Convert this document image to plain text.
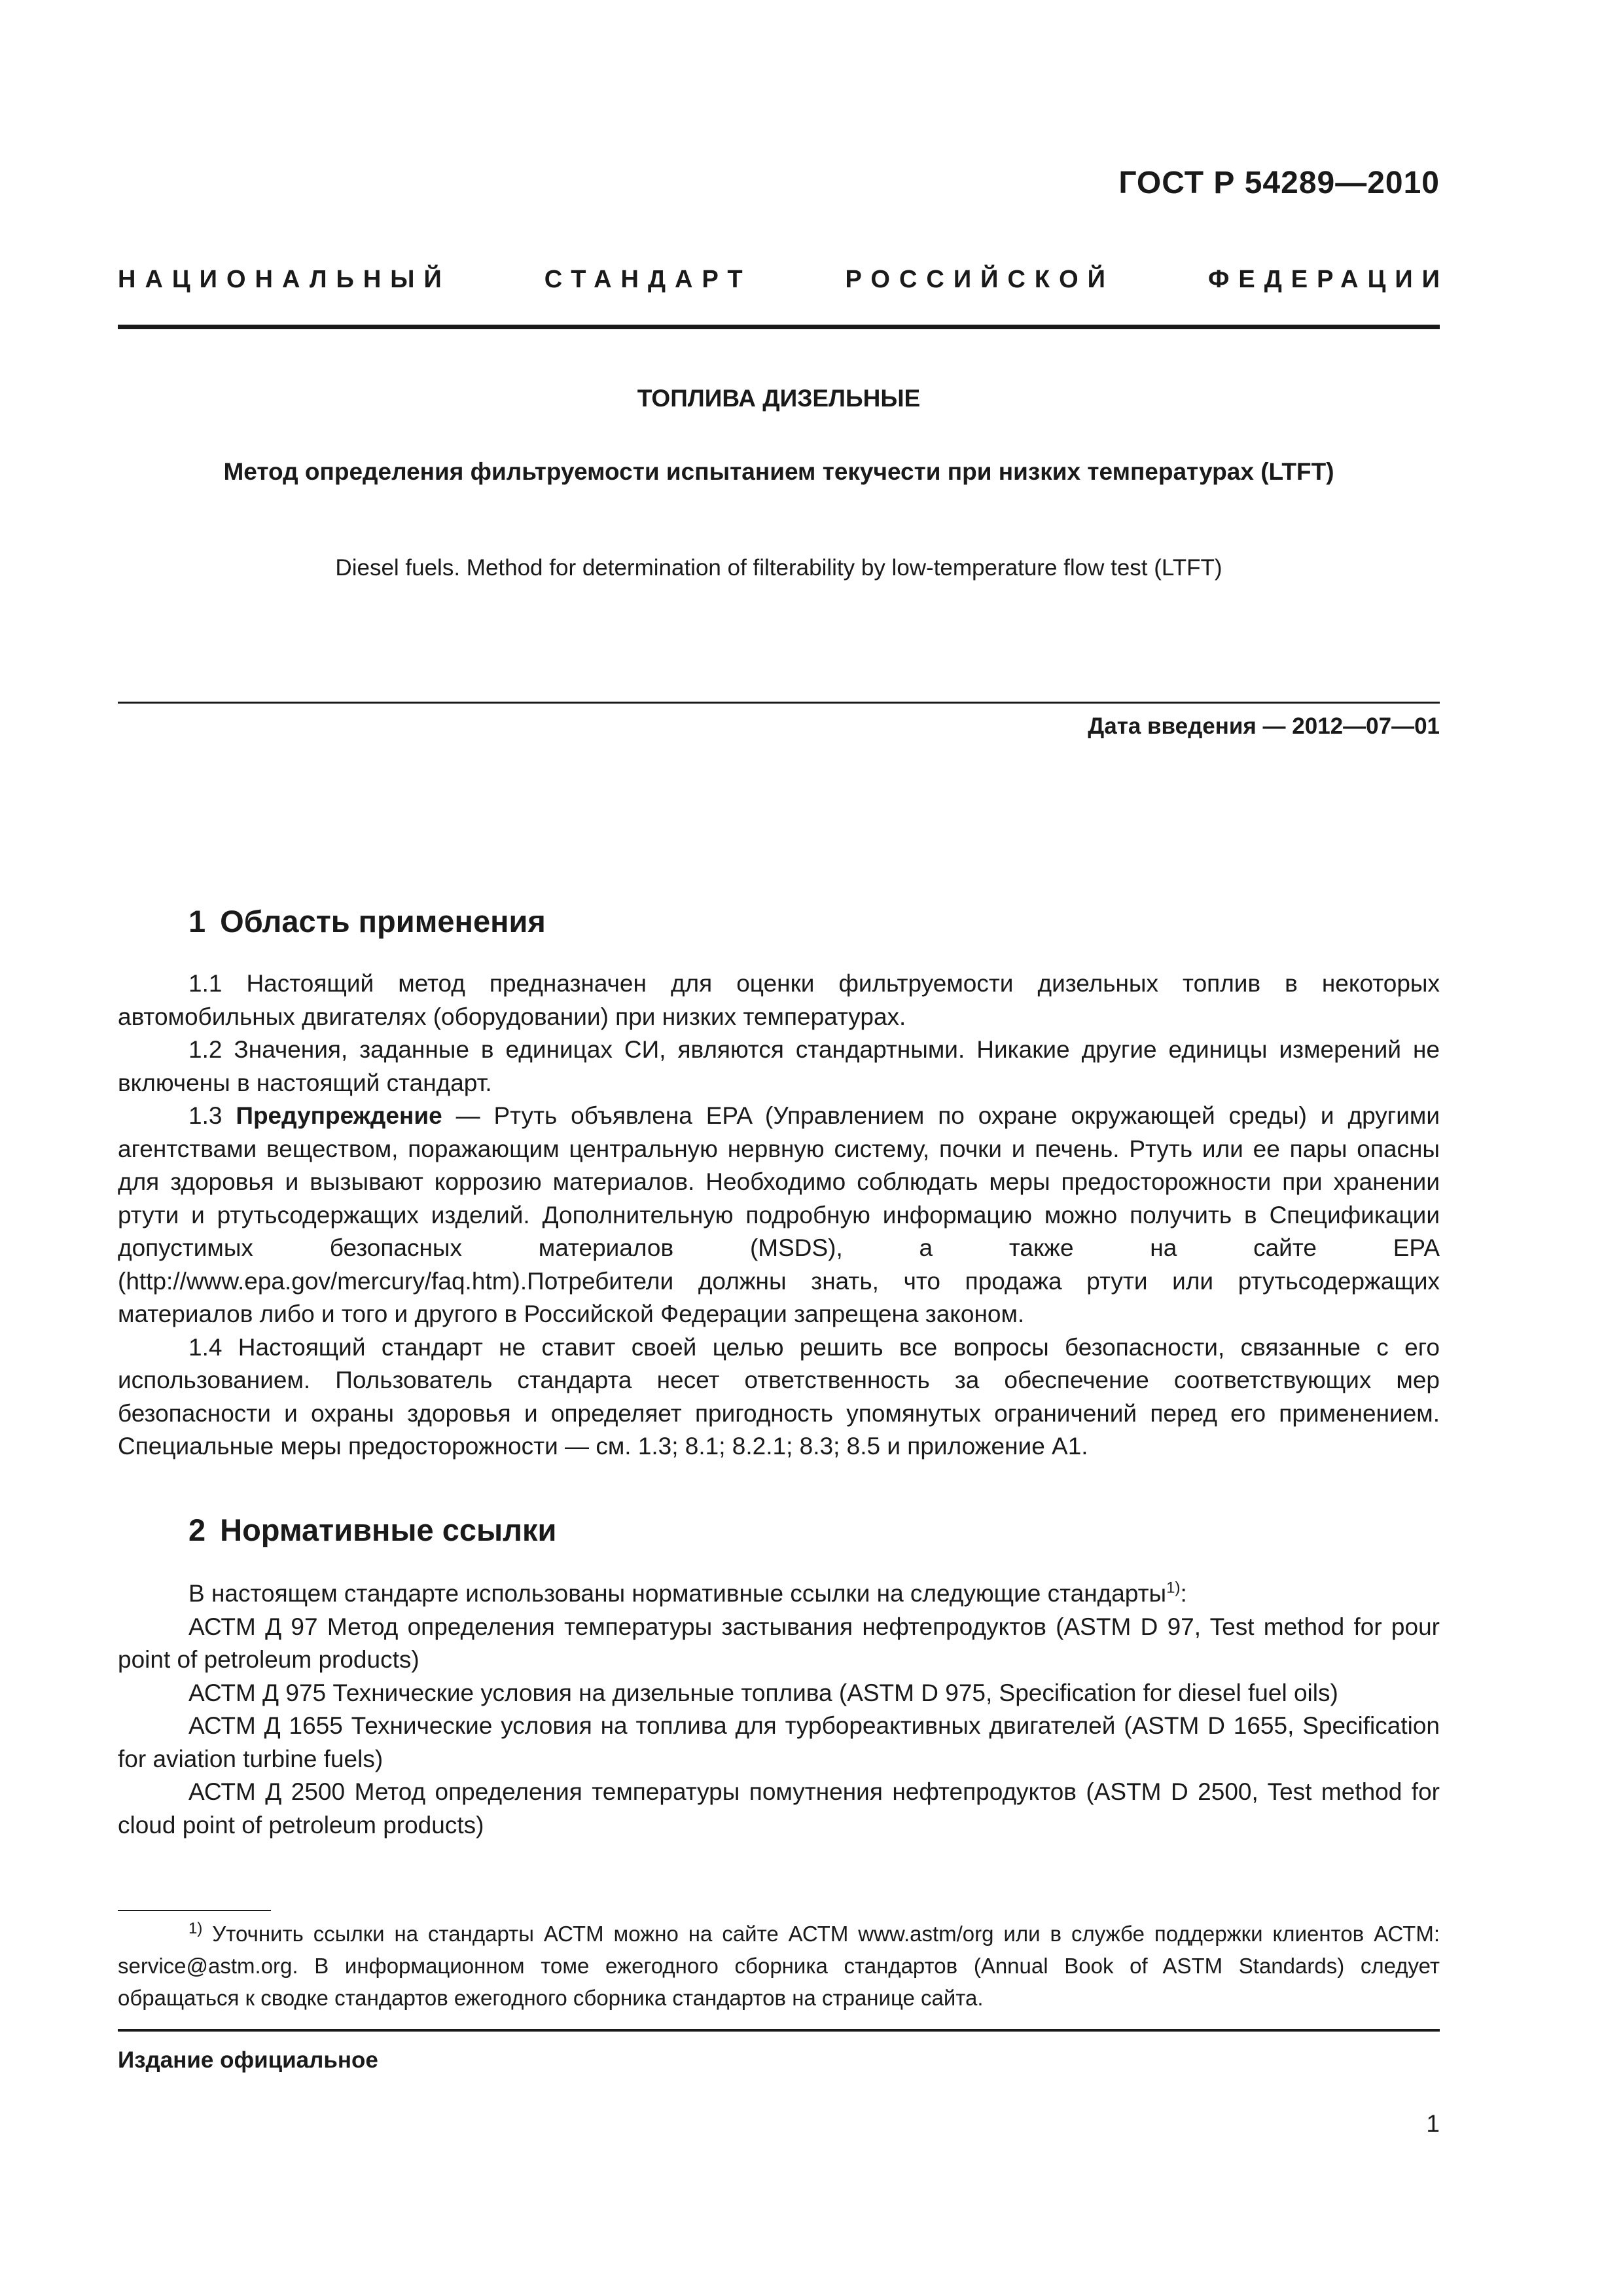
ГОСТ Р 54289—2010
НАЦИОНАЛЬНЫЙ	СТАНДАРТ	РОССИЙСКОЙ	ФЕДЕРАЦИИ
ТОПЛИВА ДИЗЕЛЬНЫЕ
Метод определения фильтруемости испытанием текучести при низких температурах (LTFT)
Diesel fuels. Method for determination of filterability by low-temperature flow test (LTFT)
Дата введения — 2012—07—01
1 Область применения

1.1 Настоящий метод предназначен для оценки фильтруемости дизельных топлив в некоторых автомобильных двигателях (оборудовании) при низких температурах.

1.2 Значения, заданные в единицах СИ, являются стандартными. Никакие другие единицы измерений не включены в настоящий стандарт.

1.3 Предупреждение — Ртуть объявлена EPA (Управлением по охране окружающей среды) и другими агентствами веществом, поражающим центральную нервную систему, почки и печень. Ртуть или ее пары опасны для здоровья и вызывают коррозию материалов. Необходимо соблюдать меры предосторожности при хранении ртути и ртутьсодержащих изделий. Дополнительную подробную информацию можно получить в Спецификации допустимых безопасных материалов (MSDS), а также на сайте EPA (http://www.epa.gov/mercury/faq.htm).Потребители должны знать, что продажа ртути или ртутьсодержащих материалов либо и того и другого в Российской Федерации запрещена законом.

1.4 Настоящий стандарт не ставит своей целью решить все вопросы безопасности, связанные с его использованием. Пользователь стандарта несет ответственность за обеспечение соответствующих мер безопасности и охраны здоровья и определяет пригодность упомянутых ограничений перед его применением. Специальные меры предосторожности — см. 1.3; 8.1; 8.2.1; 8.3; 8.5 и приложение A1.

2 Нормативные ссылки

В настоящем стандарте использованы нормативные ссылки на следующие стандарты$^{1)}$:

АСТМ Д 97 Метод определения температуры застывания нефтепродуктов (ASTM D 97, Test method for pour point of petroleum products)

АСТМ Д 975 Технические условия на дизельные топлива (ASTM D 975, Specification for diesel fuel oils)

АСТМ Д 1655 Технические условия на топлива для турбореактивных двигателей (ASTM D 1655, Specification for aviation turbine fuels)

АСТМ Д 2500 Метод определения температуры помутнения нефтепродуктов (ASTM D 2500, Test method for cloud point of petroleum products)

$^{1)}$ Уточнить ссылки на стандарты АСТМ можно на сайте АСТМ www.astm/org или в службе поддержки клиентов АСТМ: service@astm.org. В информационном томе ежегодного сборника стандартов (Annual Book of ASTM Standards) следует обращаться к сводке стандартов ежегодного сборника стандартов на странице сайта.

Издание официальное
1
